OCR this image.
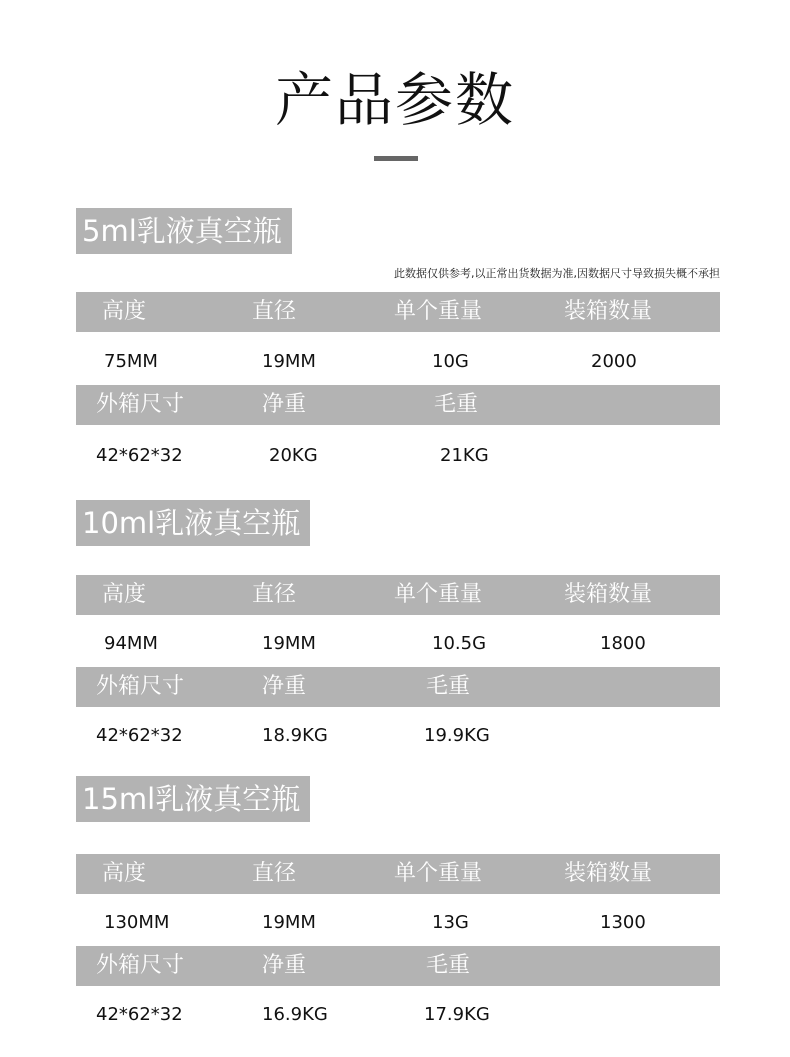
产品参数
5ml乳液真空瓶
此数据仅供参考,以正常出货数据为准,因数据尺寸导致损失概不承担
高度	直径	单个重量	装箱数量
75MM	19MM	10G	2000
外箱尺寸	净重	毛重
42*62*32	20KG	21KG
10ml乳液真空瓶
高度	直径	单个重量	装箱数量
94MM	19MM	10.5G	1800
外箱尺寸	净重	毛重
42*62*32	18.9KG	19.9KG
15ml乳液真空瓶
高度	直径	单个重量	装箱数量
130MM	19MM	13G	1300
外箱尺寸	净重	毛重
42*62*32	16.9KG	17.9KG
